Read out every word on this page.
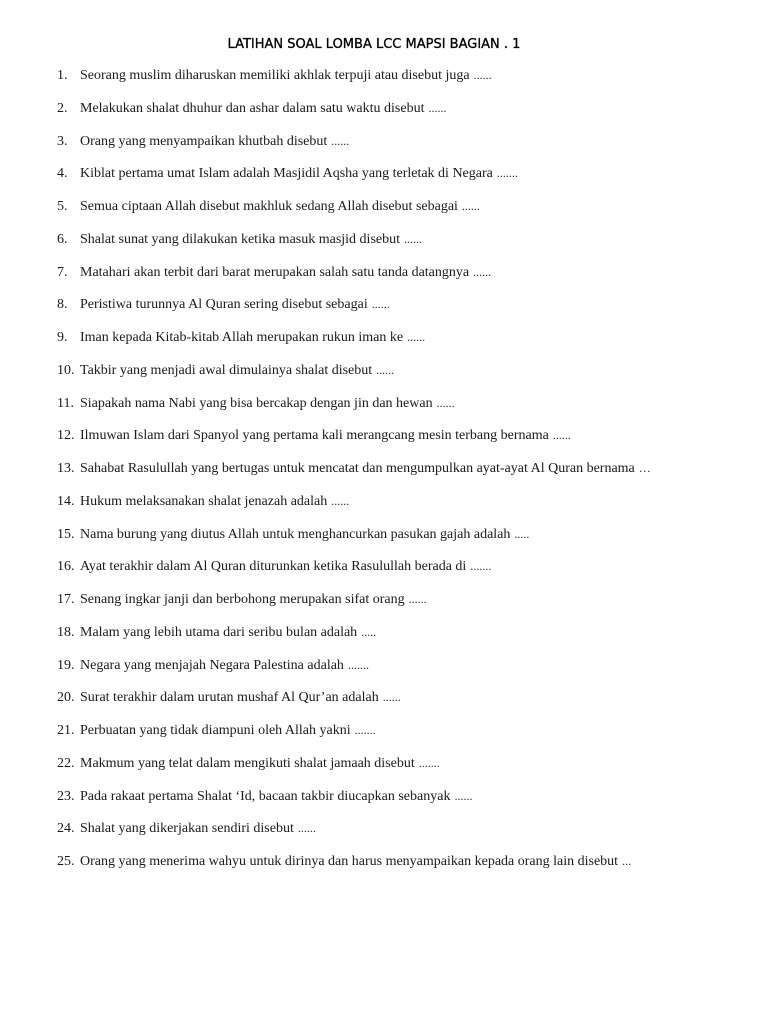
LATIHAN SOAL LOMBA LCC MAPSI BAGIAN . 1
1. Seorang muslim diharuskan memiliki akhlak terpuji atau disebut juga ......
2. Melakukan shalat dhuhur dan ashar dalam satu waktu disebut ......
3. Orang yang menyampaikan khutbah disebut ......
4. Kiblat pertama umat Islam adalah Masjidil Aqsha yang terletak di Negara .......
5. Semua ciptaan Allah disebut makhluk sedang Allah disebut sebagai ......
6. Shalat sunat yang dilakukan ketika masuk masjid disebut ......
7. Matahari akan terbit dari barat merupakan salah satu tanda datangnya ......
8. Peristiwa turunnya Al Quran sering disebut sebagai ......
9. Iman kepada Kitab-kitab Allah merupakan rukun iman ke ......
10. Takbir yang menjadi awal dimulainya shalat disebut ......
11. Siapakah nama Nabi yang bisa bercakap dengan jin dan hewan ......
12. Ilmuwan Islam dari Spanyol yang pertama kali merangcang mesin terbang bernama ......
13. Sahabat Rasulullah yang bertugas untuk mencatat dan mengumpulkan ayat-ayat Al Quran bernama …
14. Hukum melaksanakan shalat jenazah adalah ......
15. Nama burung yang diutus Allah untuk menghancurkan pasukan gajah adalah .....
16. Ayat terakhir dalam Al Quran diturunkan ketika Rasulullah berada di .......
17. Senang ingkar janji dan berbohong merupakan sifat orang ......
18. Malam yang lebih utama dari seribu bulan adalah .....
19. Negara yang menjajah Negara Palestina adalah .......
20. Surat terakhir dalam urutan mushaf Al Qur’an adalah ......
21. Perbuatan yang tidak diampuni oleh Allah yakni .......
22. Makmum yang telat dalam mengikuti shalat jamaah disebut .......
23. Pada rakaat pertama Shalat ‘Id, bacaan takbir diucapkan sebanyak ......
24. Shalat yang dikerjakan sendiri disebut ......
25. Orang yang menerima wahyu untuk dirinya dan harus menyampaikan kepada orang lain disebut ...
